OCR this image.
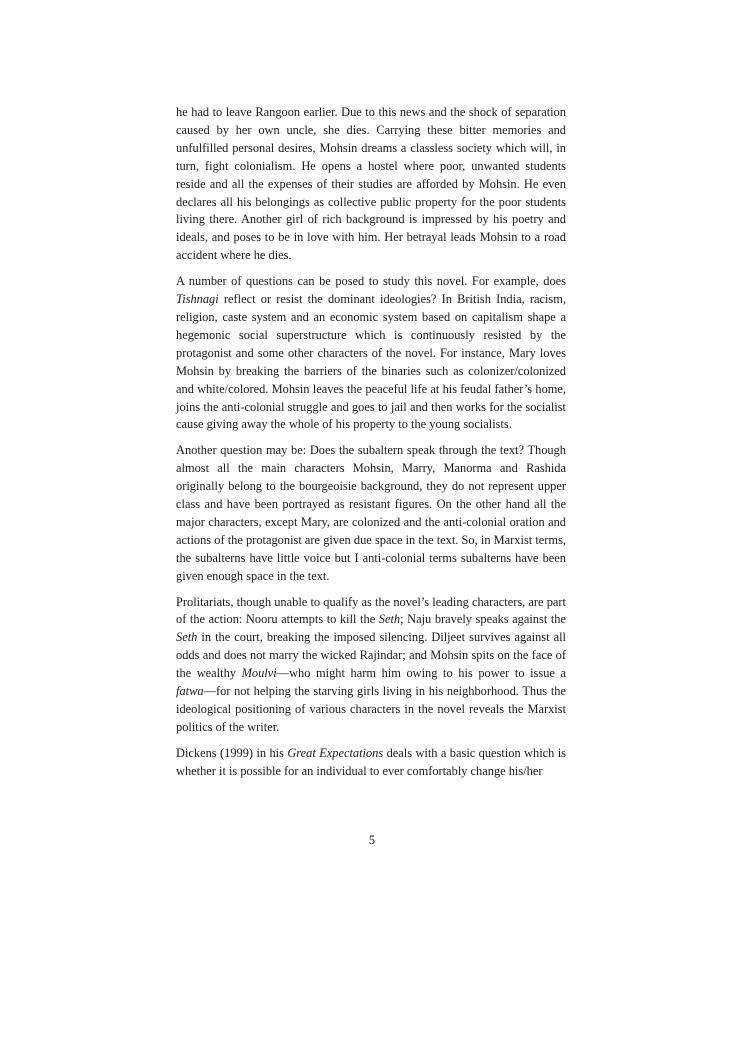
he had to leave Rangoon earlier. Due to this news and the shock of separation caused by her own uncle, she dies. Carrying these bitter memories and unfulfilled personal desires, Mohsin dreams a classless society which will, in turn, fight colonialism. He opens a hostel where poor, unwanted students reside and all the expenses of their studies are afforded by Mohsin. He even declares all his belongings as collective public property for the poor students living there. Another girl of rich background is impressed by his poetry and ideals, and poses to be in love with him. Her betrayal leads Mohsin to a road accident where he dies.

A number of questions can be posed to study this novel. For example, does Tishnagi reflect or resist the dominant ideologies? In British India, racism, religion, caste system and an economic system based on capitalism shape a hegemonic social superstructure which is continuously resisted by the protagonist and some other characters of the novel. For instance, Mary loves Mohsin by breaking the barriers of the binaries such as colonizer/colonized and white/colored. Mohsin leaves the peaceful life at his feudal father’s home, joins the anti-colonial struggle and goes to jail and then works for the socialist cause giving away the whole of his property to the young socialists.

Another question may be: Does the subaltern speak through the text? Though almost all the main characters Mohsin, Marry, Manorma and Rashida originally belong to the bourgeoisie background, they do not represent upper class and have been portrayed as resistant figures. On the other hand all the major characters, except Mary, are colonized and the anti-colonial oration and actions of the protagonist are given due space in the text. So, in Marxist terms, the subalterns have little voice but I anti-colonial terms subalterns have been given enough space in the text.

Prolitariats, though unable to qualify as the novel’s leading characters, are part of the action: Nooru attempts to kill the Seth; Naju bravely speaks against the Seth in the court, breaking the imposed silencing. Diljeet survives against all odds and does not marry the wicked Rajindar; and Mohsin spits on the face of the wealthy Moulvi—who might harm him owing to his power to issue a fatwa—for not helping the starving girls living in his neighborhood. Thus the ideological positioning of various characters in the novel reveals the Marxist politics of the writer.

Dickens (1999) in his Great Expectations deals with a basic question which is whether it is possible for an individual to ever comfortably change his/her

5
